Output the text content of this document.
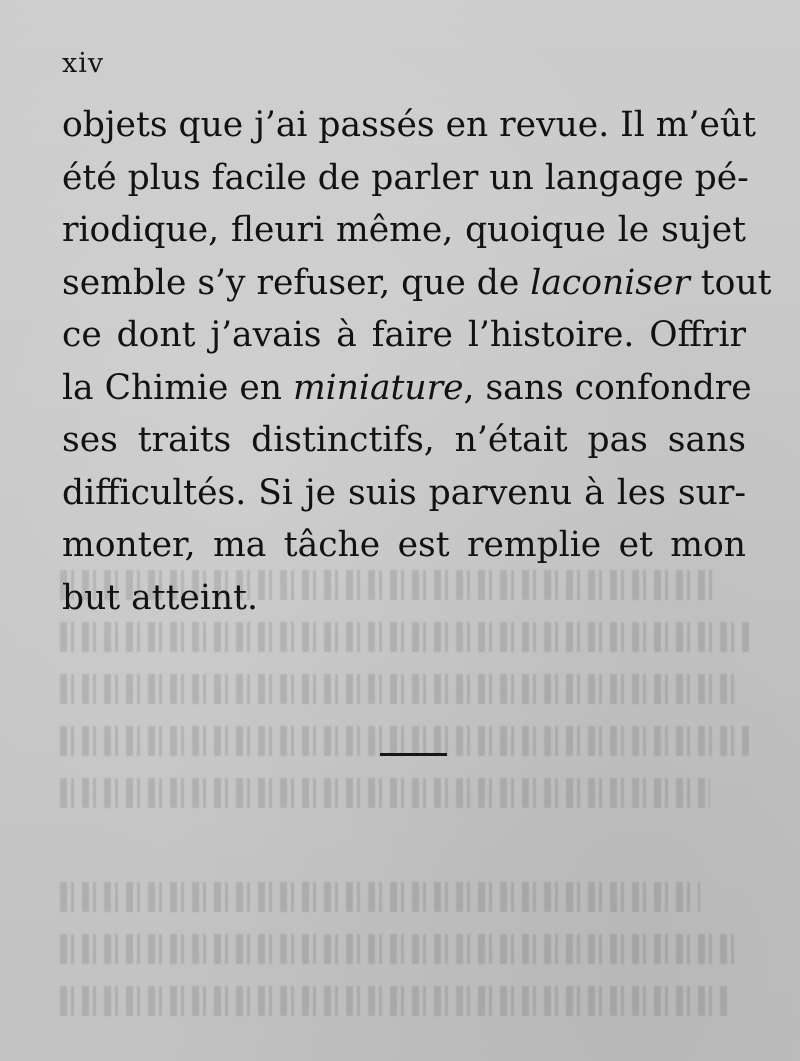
xiv
objets que j’ai passés en revue. Il m’eût
été plus facile de parler un langage pé-
riodique, fleuri même, quoique le sujet
semble s’y refuser, que de laconiser tout
ce dont j’avais à faire l’histoire. Offrir
la Chimie en miniature, sans confondre
ses traits distinctifs, n’était pas sans
difficultés. Si je suis parvenu à les sur-
monter, ma tâche est remplie et mon
but atteint.
